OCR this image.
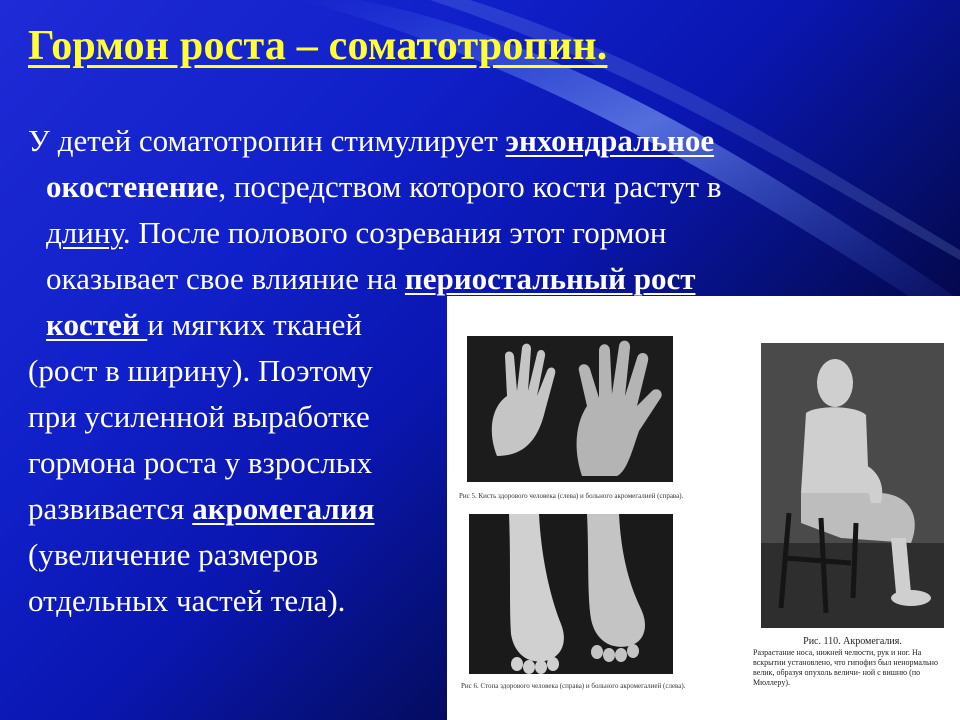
Гормон роста – соматотропин.
У детей соматотропин стимулирует энхондральное
окостенение, посредством которого кости растут в
длину. После полового созревания этот гормон
оказывает свое влияние на периостальный рост
костей и мягких тканей
(рост в ширину). Поэтому
при усиленной выработке
гормона роста у взрослых
развивается акромегалия
(увеличение размеров
отдельных частей тела).
Рис 5. Кисть здорового человека (слева) и больного акромегалией (справа).
Рис 6. Стопа здорового человека (справа) и больного акромегалией (слева).
Рис. 110. Акромегалия.
Разрастание носа, нижней челюсти, рук и ног. На вскрытии установлено, что гипофиз был ненормально велик, образуя опухоль величи- ной с вишню (по Мюллеру).
